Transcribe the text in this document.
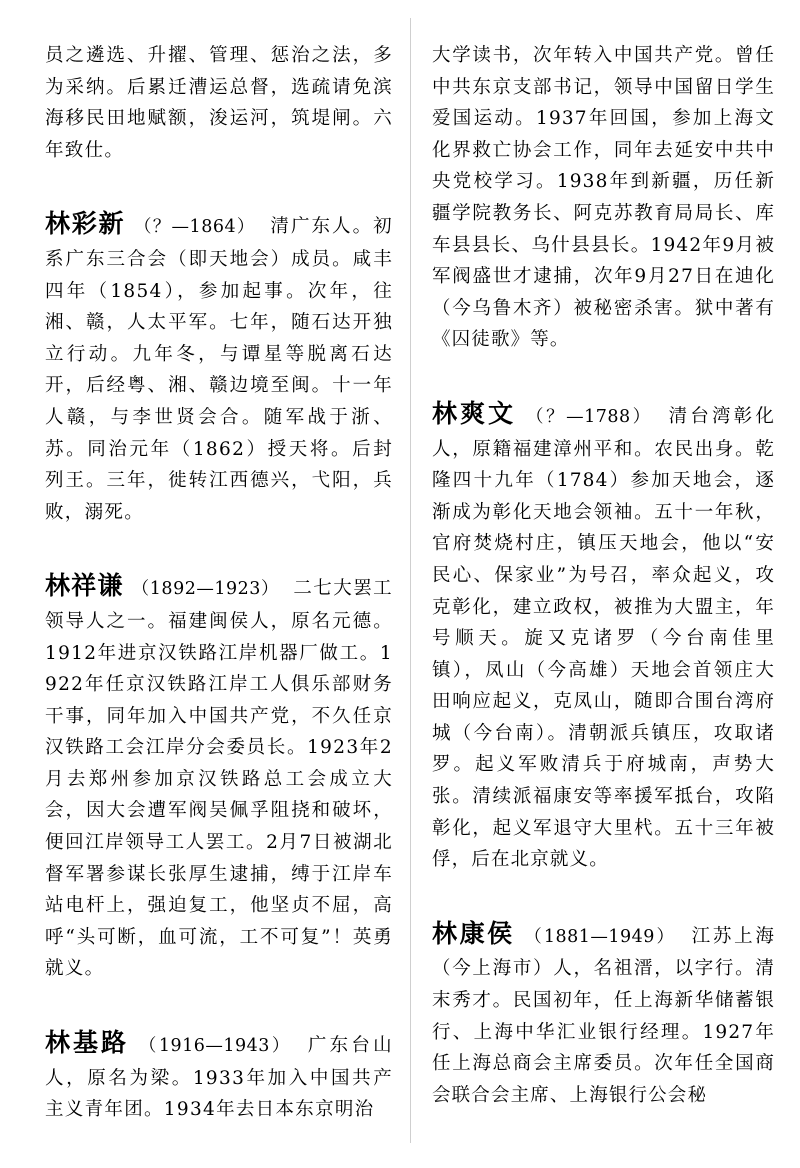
员之遴选、升擢、管理、惩治之法，多为采纳。后累迁漕运总督，选疏请免滨海移民田地赋额，浚运河，筑堤闸。六年致仕。

林彩新 （？—1864） 清广东人。初系广东三合会（即天地会）成员。咸丰四年（1854），参加起事。次年，往湘、赣，人太平军。七年，随石达开独立行动。九年冬，与谭星等脱离石达开，后经粤、湘、赣边境至闽。十一年人赣，与李世贤会合。随军战于浙、苏。同治元年（1862）授天将。后封列王。三年，徙转江西德兴，弋阳，兵败，溺死。

林祥谦 （1892—1923） 二七大罢工领导人之一。福建闽侯人，原名元德。1912年进京汉铁路江岸机器厂做工。1922年任京汉铁路江岸工人俱乐部财务干事，同年加入中国共产党，不久任京汉铁路工会江岸分会委员长。1923年2月去郑州参加京汉铁路总工会成立大会，因大会遭军阀吴佩孚阻挠和破坏，便回江岸领导工人罢工。2月7日被湖北督军署参谋长张厚生逮捕，缚于江岸车站电杆上，强迫复工，他坚贞不屈，高呼“头可断，血可流，工不可复”！英勇就义。

林基路 （1916—1943） 广东台山人，原名为梁。1933年加入中国共产主义青年团。1934年去日本东京明治

大学读书，次年转入中国共产党。曾任中共东京支部书记，领导中国留日学生爱国运动。1937年回国，参加上海文化界救亡协会工作，同年去延安中共中央党校学习。1938年到新疆，历任新疆学院教务长、阿克苏教育局局长、库车县县长、乌什县县长。1942年9月被军阀盛世才逮捕，次年9月27日在迪化（今乌鲁木齐）被秘密杀害。狱中著有《囚徒歌》等。

林爽文 （？—1788） 清台湾彰化人，原籍福建漳州平和。农民出身。乾隆四十九年（1784）参加天地会，逐渐成为彰化天地会领袖。五十一年秋，官府焚烧村庄，镇压天地会，他以“安民心、保家业”为号召，率众起义，攻克彰化，建立政权，被推为大盟主，年号顺天。旋又克诸罗（今台南佳里镇），凤山（今高雄）天地会首领庄大田响应起义，克凤山，随即合围台湾府城（今台南）。清朝派兵镇压，攻取诸罗。起义军败清兵于府城南，声势大张。清续派福康安等率援军抵台，攻陷彰化，起义军退守大里杙。五十三年被俘，后在北京就义。

林康侯 （1881—1949） 江苏上海（今上海市）人，名祖溍，以字行。清末秀才。民国初年，任上海新华储蓄银行、上海中华汇业银行经理。1927年任上海总商会主席委员。次年任全国商会联合会主席、上海银行公会秘
